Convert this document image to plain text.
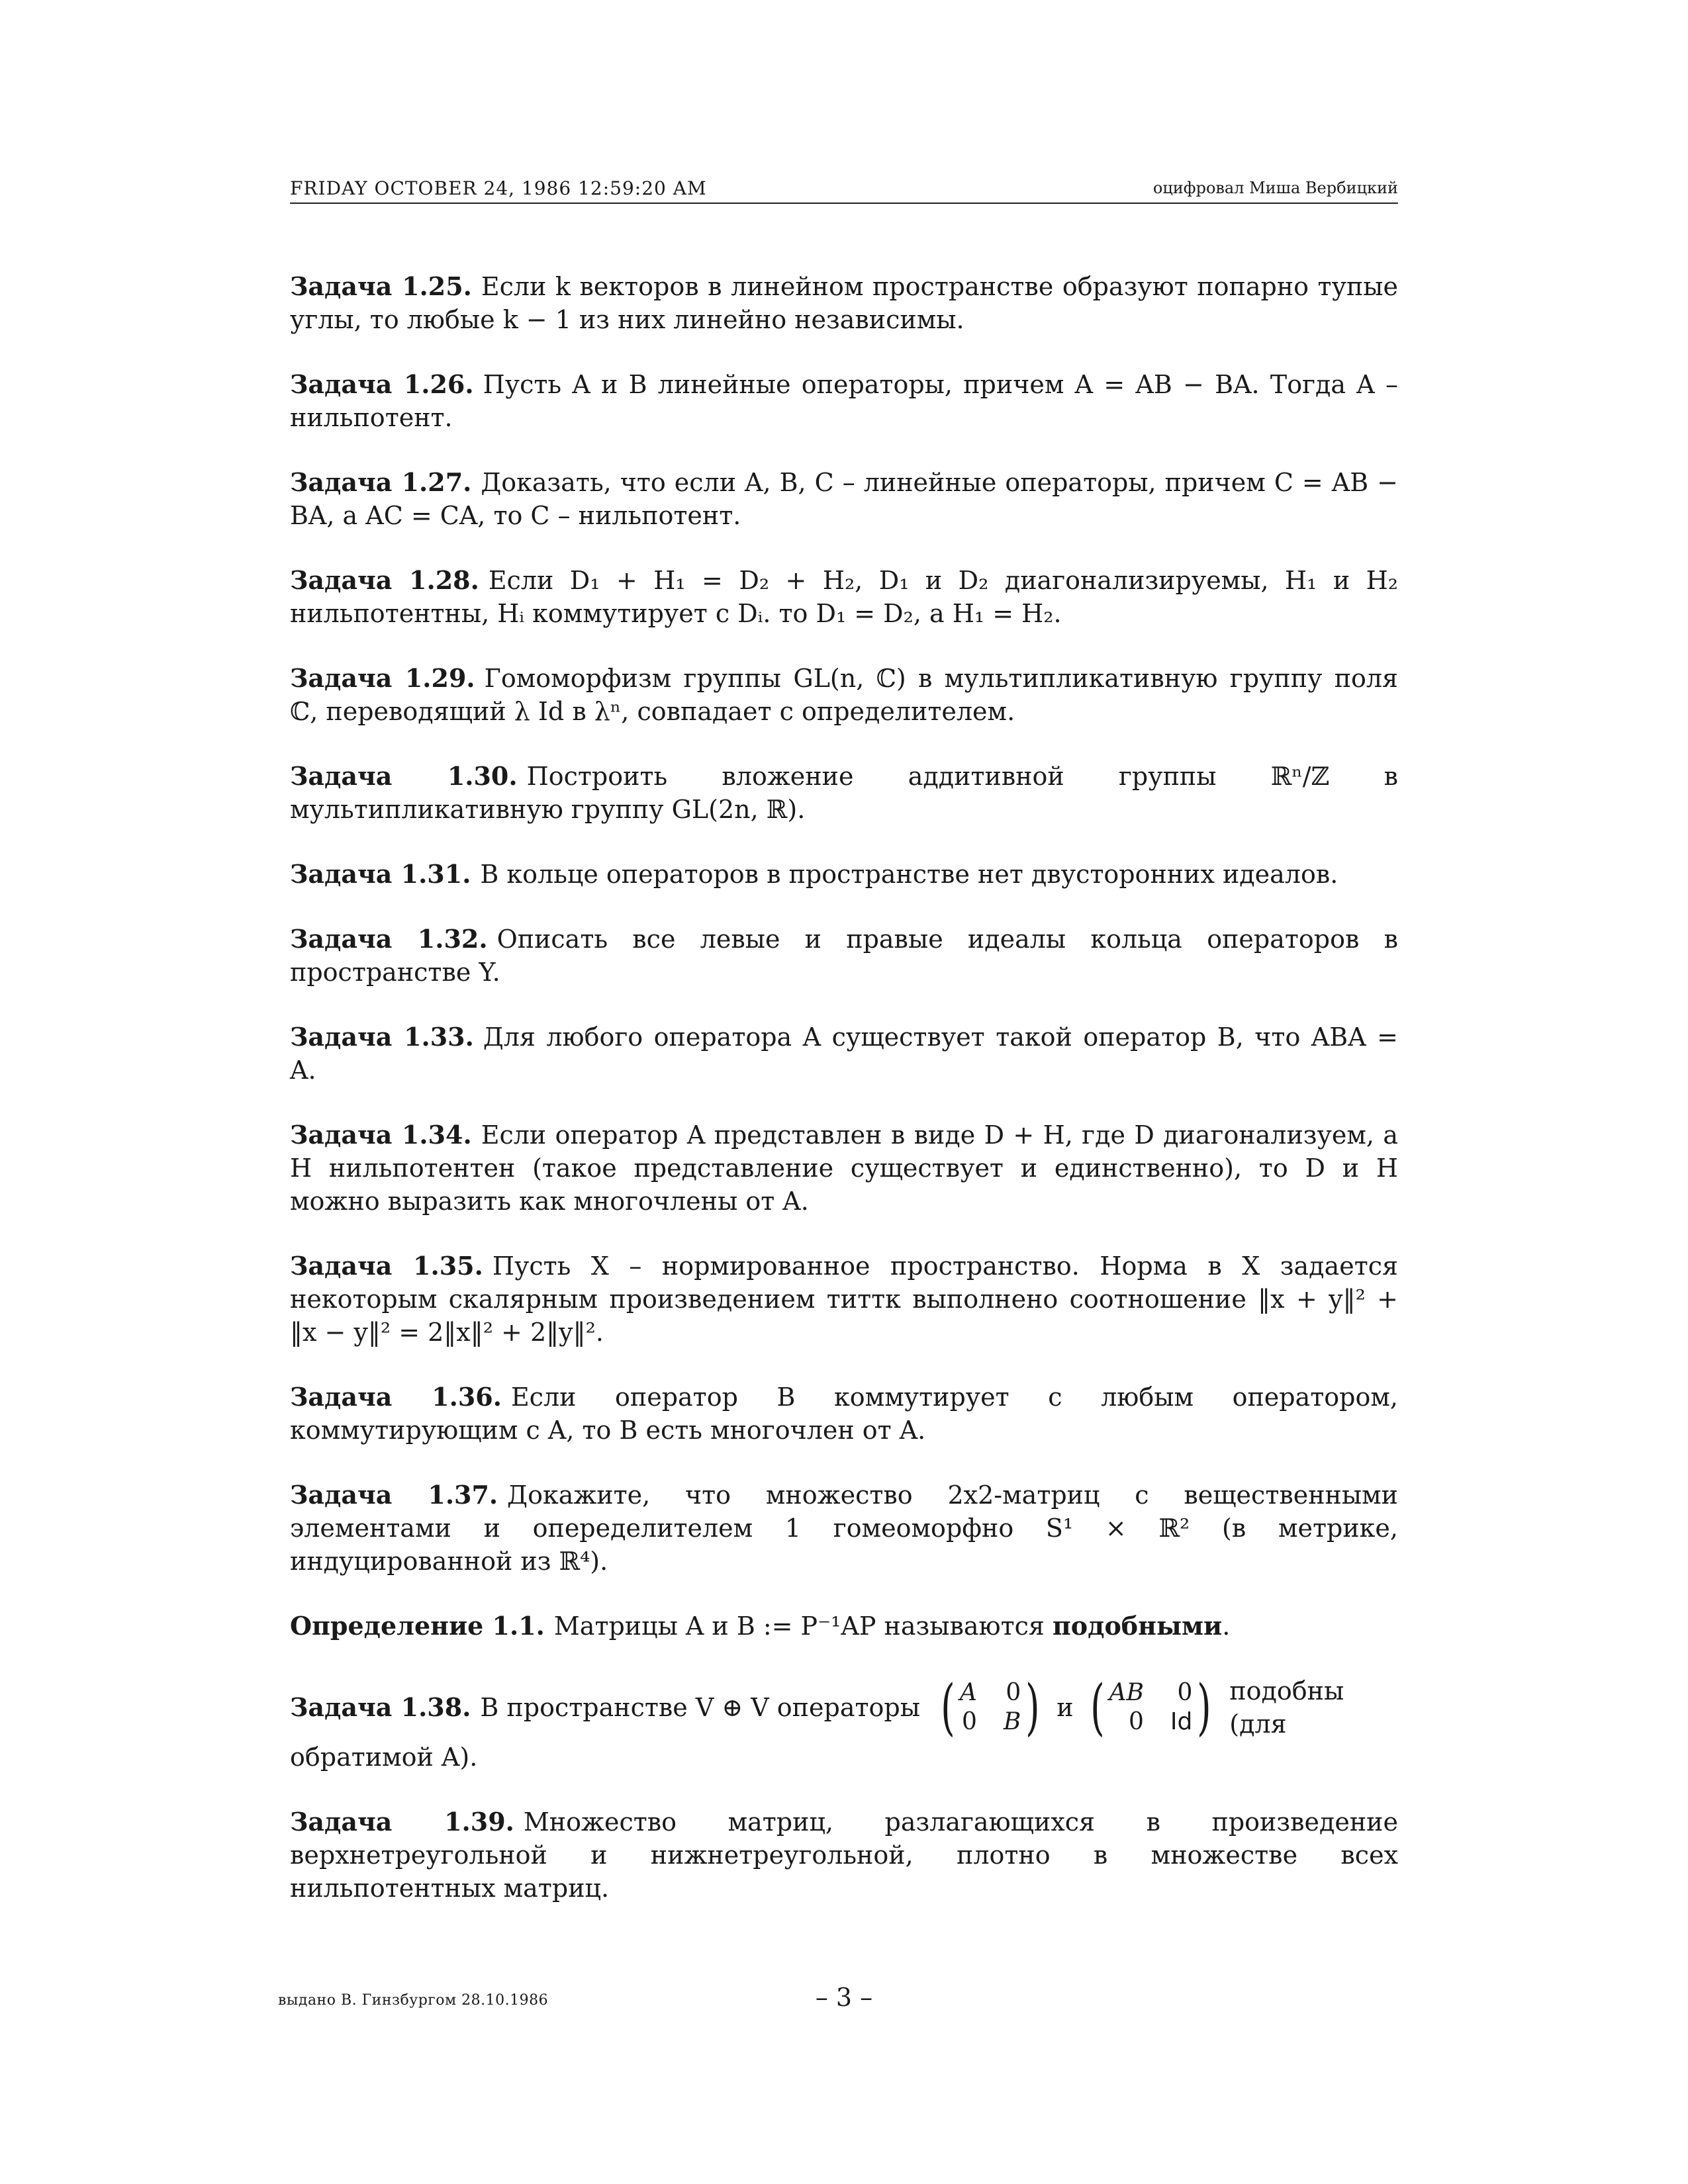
FRIDAY OCTOBER 24, 1986 12:59:20 AM	оцифровал Миша Вербицкий

Задача 1.25. Если k векторов в линейном пространстве образуют попарно тупые углы, то любые k − 1 из них линейно независимы.

Задача 1.26. Пусть A и B линейные операторы, причем A = AB − BA. Тогда A – нильпотент.

Задача 1.27. Доказать, что если A, B, C – линейные операторы, причем C = AB − BA, а AC = CA, то C – нильпотент.

Задача 1.28. Если D₁ + H₁ = D₂ + H₂, D₁ и D₂ диагонализируемы, H₁ и H₂ нильпотентны, Hᵢ коммутирует с Dᵢ. то D₁ = D₂, а H₁ = H₂.

Задача 1.29. Гомоморфизм группы GL(n, ℂ) в мультипликативную группу поля ℂ, переводящий λ Id в λⁿ, совпадает с определителем.

Задача 1.30. Построить вложение аддитивной группы ℝⁿ/ℤ в мультипликативную группу GL(2n, ℝ).

Задача 1.31. В кольце операторов в пространстве нет двусторонних идеалов.

Задача 1.32. Описать все левые и правые идеалы кольца операторов в пространстве Y.

Задача 1.33. Для любого оператора A существует такой оператор B, что ABA = A.

Задача 1.34. Если оператор A представлен в виде D + H, где D диагонализуем, а H нильпотентен (такое представление существует и единственно), то D и H можно выразить как многочлены от A.

Задача 1.35. Пусть X – нормированное пространство. Норма в X задается некоторым скалярным произведением титтк выполнено соотношение ‖x + y‖² + ‖x − y‖² = 2‖x‖² + 2‖y‖².

Задача 1.36. Если оператор B коммутирует с любым оператором, коммутирующим с A, то B есть многочлен от A.

Задача 1.37. Докажите, что множество 2x2-матриц с вещественными элементами и опеределителем 1 гомеоморфно S¹ × ℝ² (в метрике, индуцированной из ℝ⁴).

Определение 1.1. Матрицы A и B := P⁻¹AP называются подобными.

Задача 1.38. В пространстве V ⊕ V операторы ( A 0
0 B ) и ( AB 0
0 Id ) подобны (для
обратимой A).

Задача 1.39. Множество матриц, разлагающихся в произведение верхнетреугольной и нижнетреугольной, плотно в множестве всех нильпотентных матриц.

выдано В. Гинзбургом 28.10.1986	– 3 –
